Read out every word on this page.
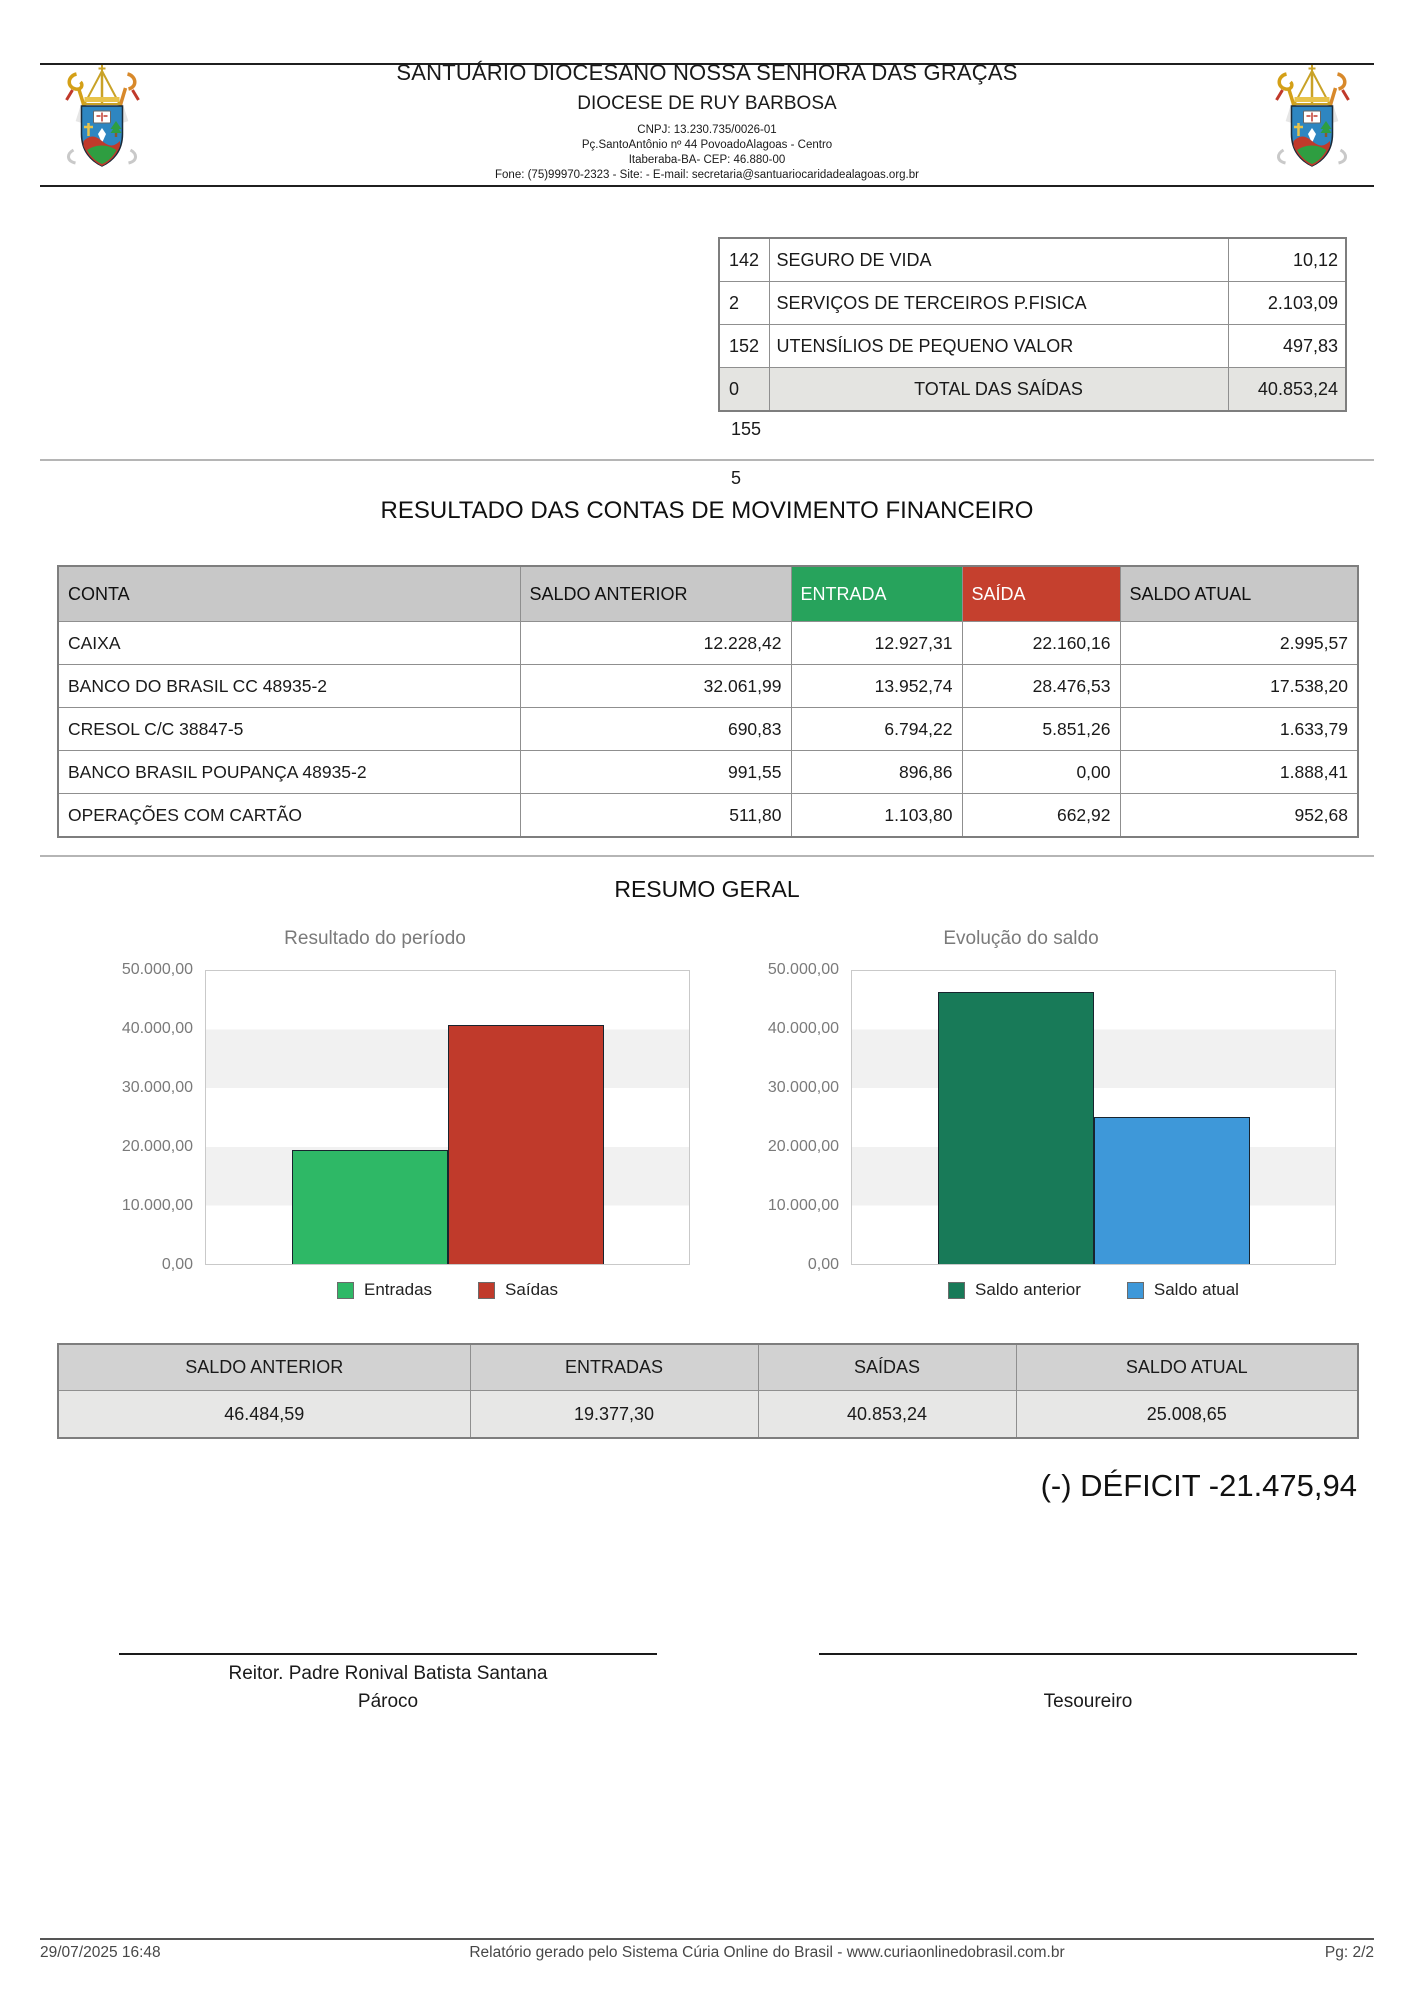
SANTUÁRIO DIOCESANO NOSSA SENHORA DAS GRAÇAS
DIOCESE DE RUY BARBOSA
CNPJ: 13.230.735/0026-01
Pç.SantoAntônio nº 44 PovoadoAlagoas - Centro
Itaberaba-BA- CEP: 46.880-00
Fone: (75)99970-2323 - Site: - E-mail: secretaria@santuariocaridadealagoas.org.br
142	SEGURO DE VIDA	10,12
2	SERVIÇOS DE TERCEIROS P.FISICA	2.103,09
152	UTENSÍLIOS DE PEQUENO VALOR	497,83
0	TOTAL DAS SAÍDAS	40.853,24
155
5
RESULTADO DAS CONTAS DE MOVIMENTO FINANCEIRO
CONTA	SALDO ANTERIOR	ENTRADA	SAÍDA	SALDO ATUAL
CAIXA	12.228,42	12.927,31	22.160,16	2.995,57
BANCO DO BRASIL CC 48935-2	32.061,99	13.952,74	28.476,53	17.538,20
CRESOL C/C 38847-5	690,83	6.794,22	5.851,26	1.633,79
BANCO BRASIL POUPANÇA 48935-2	991,55	896,86	0,00	1.888,41
OPERAÇÕES COM CARTÃO	511,80	1.103,80	662,92	952,68
RESUMO GERAL
Resultado do período
50.000,00
40.000,00
30.000,00
20.000,00
10.000,00
0,00
Entradas	Saídas
Evolução do saldo
50.000,00
40.000,00
30.000,00
20.000,00
10.000,00
0,00
Saldo anterior	Saldo atual
SALDO ANTERIOR	ENTRADAS	SAÍDAS	SALDO ATUAL
46.484,59	19.377,30	40.853,24	25.008,65
(-) DÉFICIT -21.475,94
Reitor. Padre Ronival Batista Santana
Pároco	Tesoureiro
29/07/2025 16:48	Relatório gerado pelo Sistema Cúria Online do Brasil - www.curiaonlinedobrasil.com.br	Pg: 2/2
